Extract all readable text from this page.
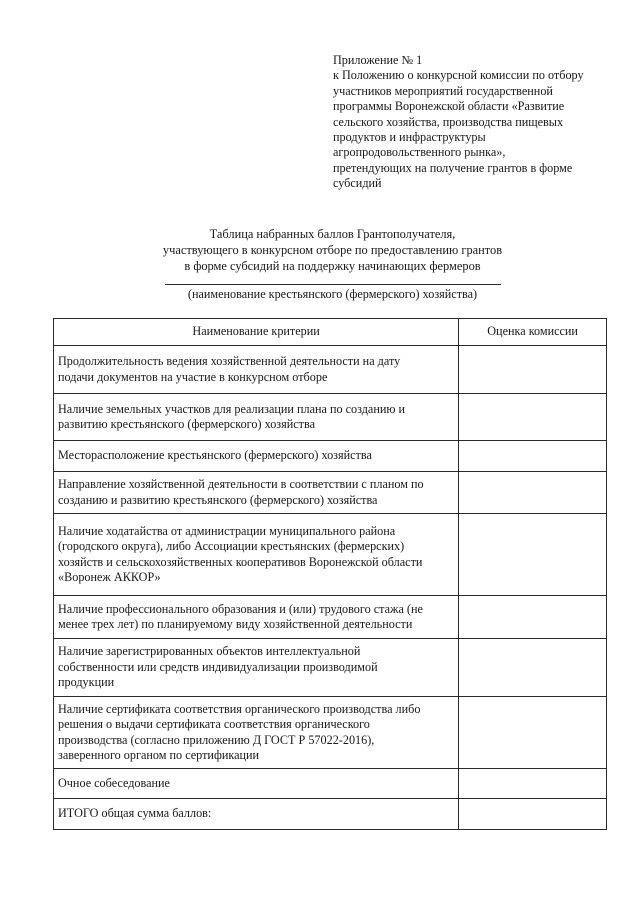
Приложение № 1
к Положению о конкурсной комиссии по отбору
участников мероприятий государственной
программы Воронежской области «Развитие
сельского хозяйства, производства пищевых
продуктов и инфраструктуры
агропродовольственного рынка»,
претендующих на получение грантов в форме
субсидий
Таблица набранных баллов Грантополучателя,
участвующего в конкурсном отборе по предоставлению грантов
в форме субсидий на поддержку начинающих фермеров
(наименование крестьянского (фермерского) хозяйства)
Наименование критерии	Оценка комиссии

Продолжительность ведения хозяйственной деятельности на дату
подачи документов на участие в конкурсном отборе	

Наличие земельных участков для реализации плана по созданию и
развитию крестьянского (фермерского) хозяйства	

Месторасположение крестьянского (фермерского) хозяйства	

Направление хозяйственной деятельности в соответствии с планом по
созданию и развитию крестьянского (фермерского) хозяйства	

Наличие ходатайства от администрации муниципального района
(городского округа), либо Ассоциации крестьянских (фермерских)
хозяйств и сельскохозяйственных кооперативов Воронежской области
«Воронеж АККОР»	

Наличие профессионального образования и (или) трудового стажа (не
менее трех лет) по планируемому виду хозяйственной деятельности	

Наличие зарегистрированных объектов интеллектуальной
собственности или средств индивидуализации производимой
продукции	

Наличие сертификата соответствия органического производства либо
решения о выдачи сертификата соответствия органического
производства (согласно приложению Д ГОСТ Р 57022-2016),
заверенного органом по сертификации	

Очное собеседование	

ИТОГО общая сумма баллов:	
